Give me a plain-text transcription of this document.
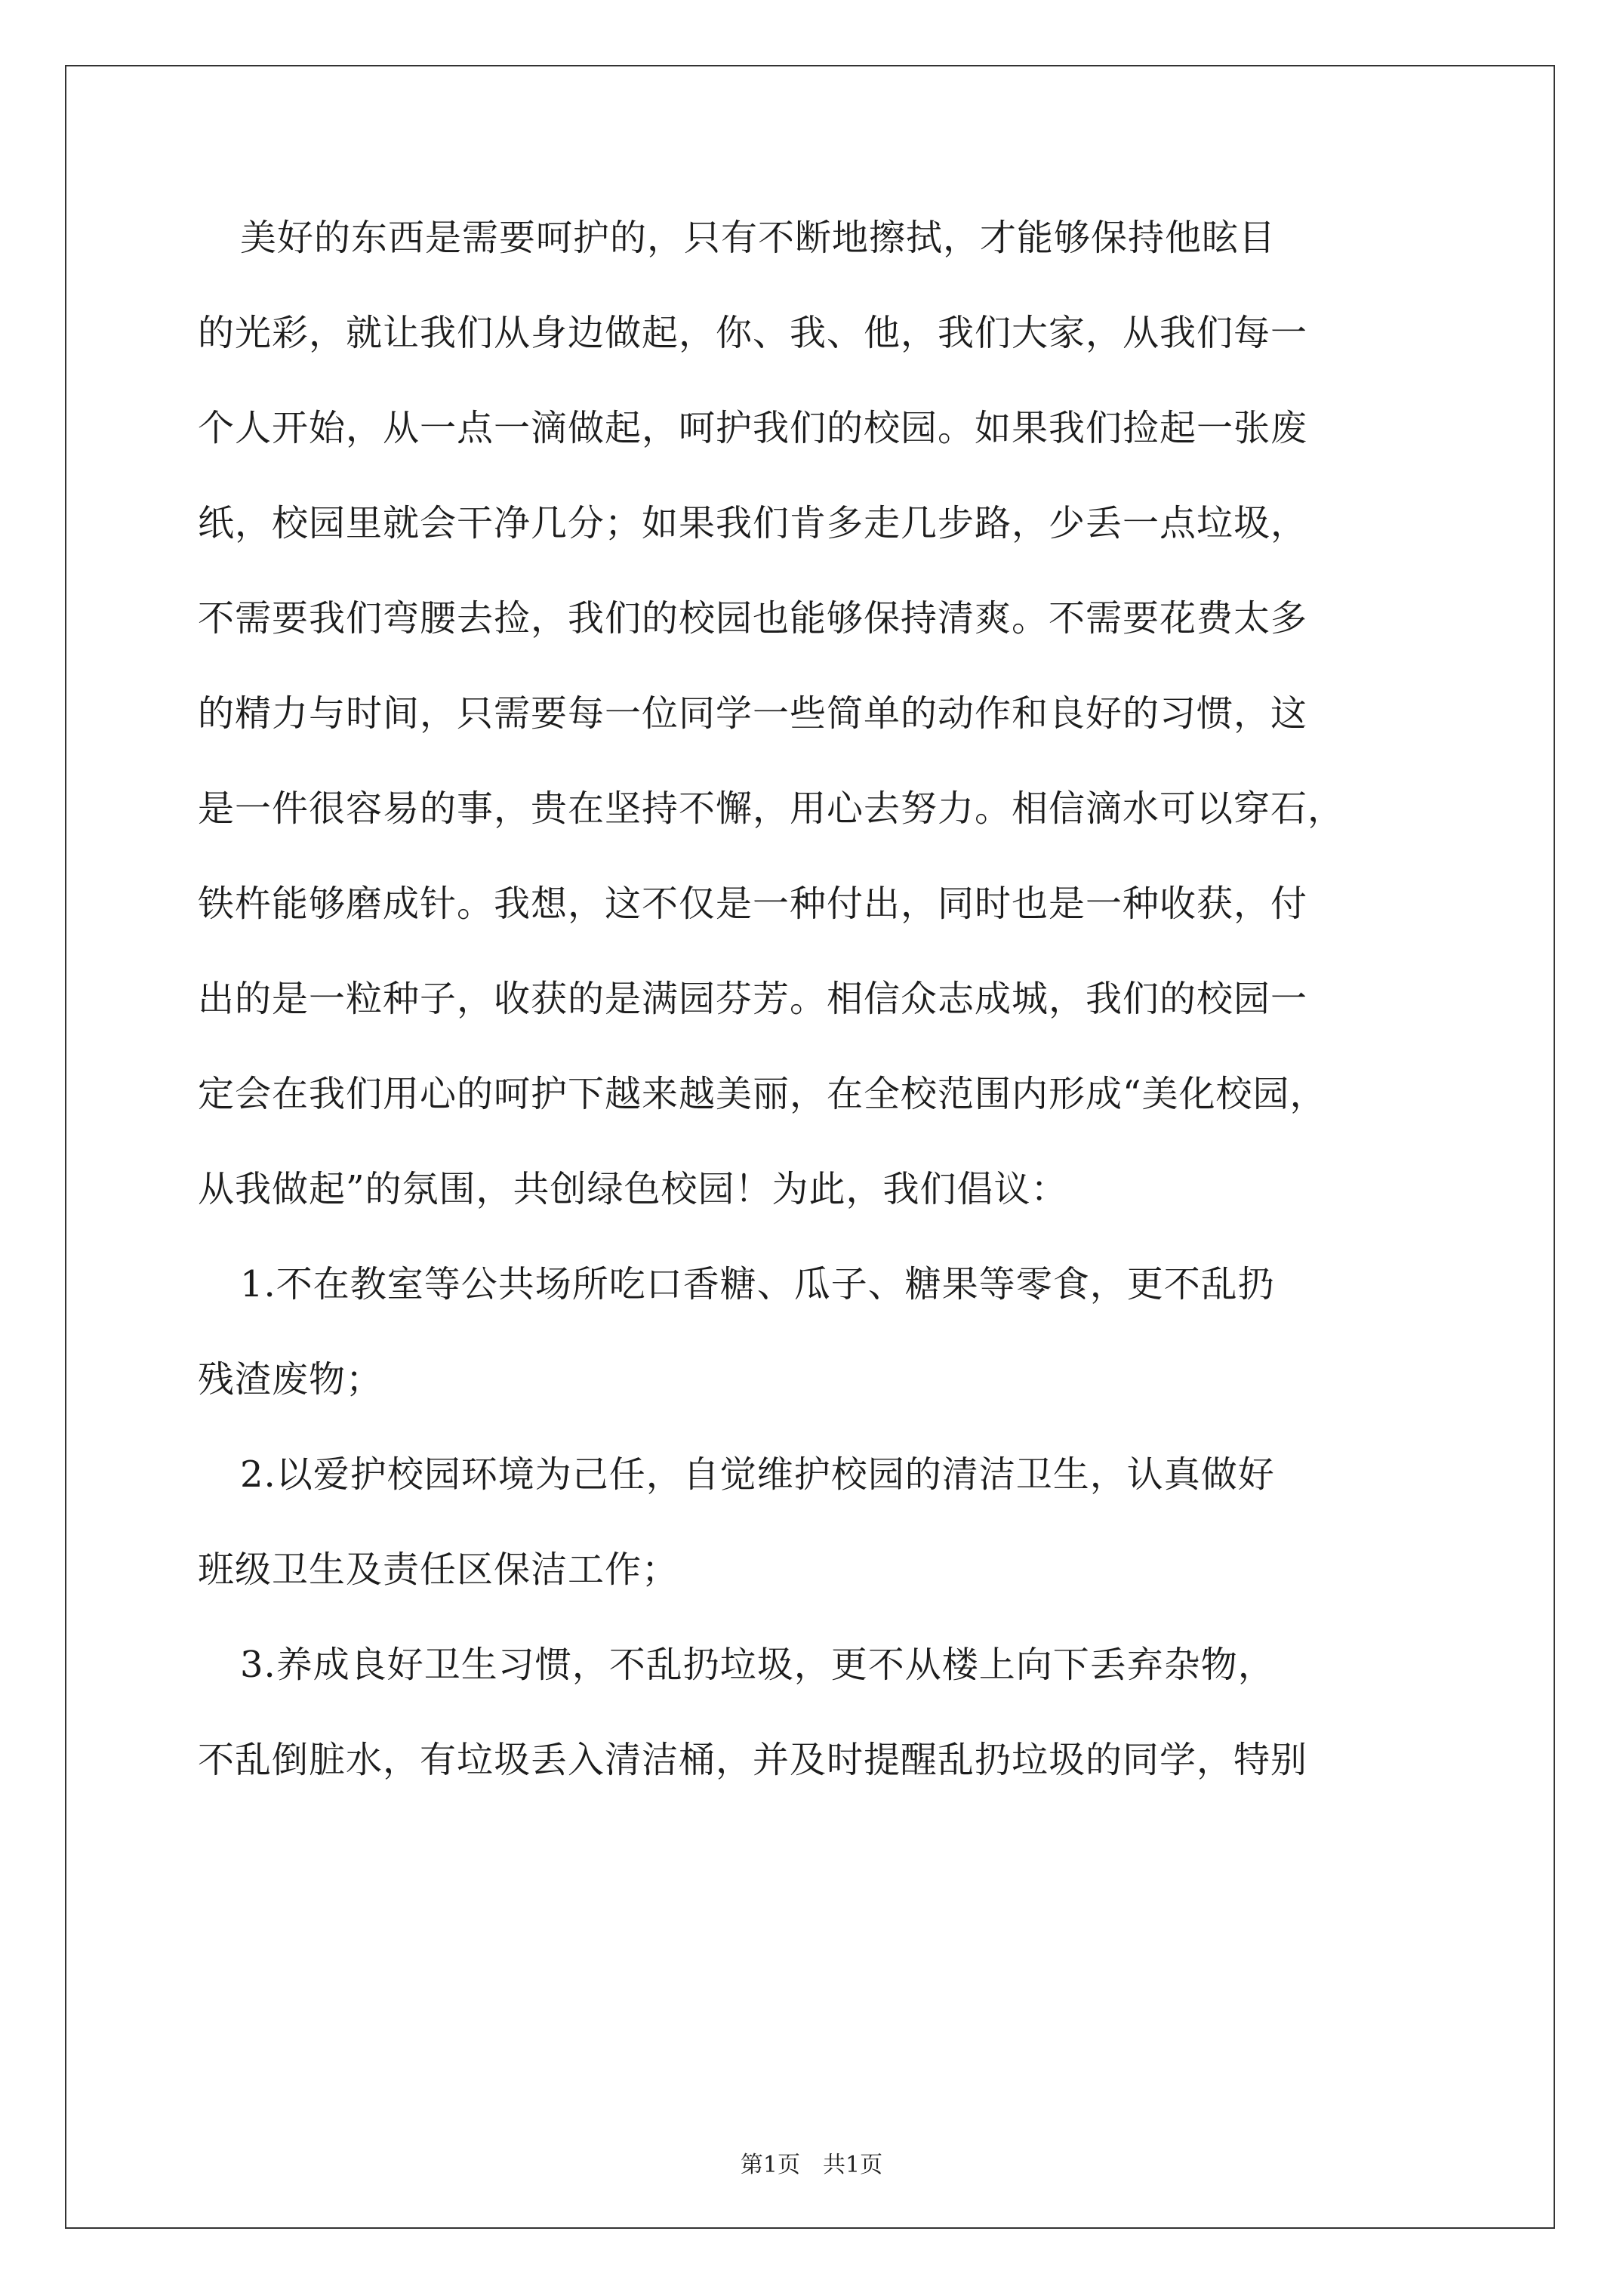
美好的东西是需要呵护的，只有不断地擦拭，才能够保持他眩目
的光彩，就让我们从身边做起，你、我、他，我们大家，从我们每一
个人开始，从一点一滴做起，呵护我们的校园。如果我们捡起一张废
纸，校园里就会干净几分；如果我们肯多走几步路，少丢一点垃圾，
不需要我们弯腰去捡，我们的校园也能够保持清爽。不需要花费太多
的精力与时间，只需要每一位同学一些简单的动作和良好的习惯，这
是一件很容易的事，贵在坚持不懈，用心去努力。相信滴水可以穿石，
铁杵能够磨成针。我想，这不仅是一种付出，同时也是一种收获，付
出的是一粒种子，收获的是满园芬芳。相信众志成城，我们的校园一
定会在我们用心的呵护下越来越美丽，在全校范围内形成“美化校园，
从我做起”的氛围，共创绿色校园！为此，我们倡议：
1.不在教室等公共场所吃口香糖、瓜子、糖果等零食，更不乱扔
残渣废物；
2.以爱护校园环境为己任，自觉维护校园的清洁卫生，认真做好
班级卫生及责任区保洁工作；
3.养成良好卫生习惯，不乱扔垃圾，更不从楼上向下丢弃杂物，
不乱倒脏水，有垃圾丢入清洁桶，并及时提醒乱扔垃圾的同学，特别
第1页　共1页
